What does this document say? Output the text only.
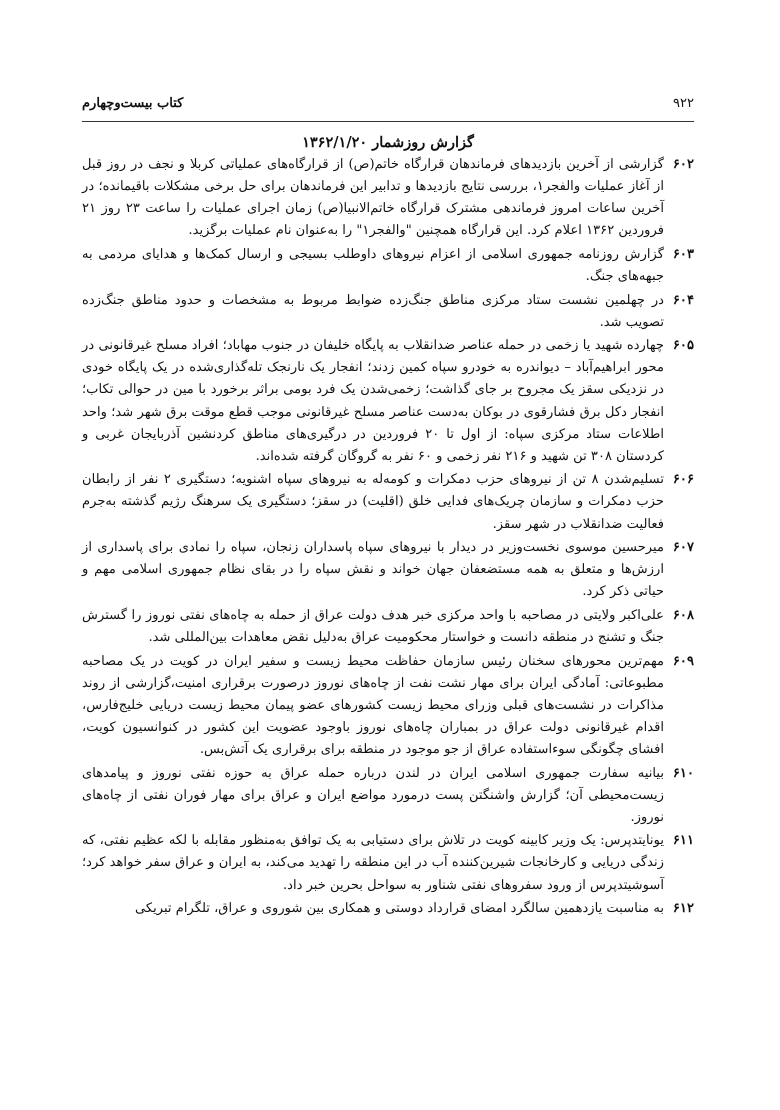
۹۲۲
کتاب بیست‌وچهارم
گزارش روزشمار ۱۳۶۲/۱/۲۰
۶۰۲
گزارشی از آخرین بازدیدهای فرماندهان قرارگاه خاتم(ص) از قرارگاه‌های عملیاتی کربلا و نجف در روز قبل از آغاز عملیات والفجر۱، بررسی نتایج بازدیدها و تدابیر این فرماندهان برای حل برخی مشکلات باقیمانده؛ در آخرین ساعات امروز فرماندهی مشترک قرارگاه خاتم‌الانبیا(ص) زمان اجرای عملیات را ساعت ۲۳ روز ۲۱ فروردین ۱۳۶۲ اعلام کرد. این قرارگاه همچنین "والفجر۱" را به‌عنوان نام عملیات برگزید.
۶۰۳
گزارش روزنامه جمهوری اسلامی از اعزام نیروهای داوطلب بسیجی و ارسال کمک‌ها و هدایای مردمی به جبهه‌های جنگ.
۶۰۴
در چهلمین نشست ستاد مرکزی مناطق جنگ‌زده ضوابط مربوط به مشخصات و حدود مناطق جنگ‌زده تصویب شد.
۶۰۵
چهارده شهید یا زخمی در حمله عناصر ضدانقلاب به پایگاه خلیفان در جنوب مهاباد؛ افراد مسلح غیرقانونی در محور ابراهیم‌آباد – دیواندره به خودرو سپاه کمین زدند؛ انفجار یک نارنجک تله‌گذاری‌شده در یک پایگاه خودی در نزدیکی سقز یک مجروح بر جای گذاشت؛ زخمی‌شدن یک فرد بومی براثر برخورد با مین در حوالی تکاب؛ انفجار دکل برق فشارقوی در بوکان به‌دست عناصر مسلح غیرقانونی موجب قطع موقت برق شهر شد؛ واحد اطلاعات ستاد مرکزی سپاه: از اول تا ۲۰ فروردین در درگیری‌های مناطق کردنشین آذربایجان غربی و کردستان ۳۰۸ تن شهید و ۲۱۶ نفر زخمی و ۶۰ نفر به گروگان گرفته شده‌اند.
۶۰۶
تسلیم‌شدن ۸ تن از نیروهای حزب دمکرات و کومه‌له به نیروهای سپاه اشنویه؛ دستگیری ۲ نفر از رابطان حزب دمکرات و سازمان چریک‌های فدایی خلق (اقلیت) در سقز؛ دستگیری یک سرهنگ رژیم گذشته به‌جرم فعالیت ضدانقلاب در شهر سقز.
۶۰۷
میرحسین موسوی نخست‌وزیر در دیدار با نیروهای سپاه پاسداران زنجان، سپاه را نمادی برای پاسداری از ارزش‌ها و متعلق به همه مستضعفان جهان خواند و نقش سپاه را در بقای نظام جمهوری اسلامی مهم و حیاتی ذکر کرد.
۶۰۸
علی‌اکبر ولایتی در مصاحبه با واحد مرکزی خبر هدف دولت عراق از حمله به چاه‌های نفتی نوروز را گسترش جنگ و تشنج در منطقه دانست و خواستار محکومیت عراق به‌دلیل نقض معاهدات بین‌المللی شد.
۶۰۹
مهم‌ترین محورهای سخنان رئیس سازمان حفاظت محیط زیست و سفیر ایران در کویت در یک مصاحبه مطبوعاتی: آمادگی ایران برای مهار نشت نفت از چاه‌های نوروز درصورت برقراری امنیت،گزارشی از روند مذاکرات در نشست‌های قبلی وزرای محیط زیست کشورهای عضو پیمان محیط زیست دریایی خلیج‌فارس، اقدام غیرقانونی دولت عراق در بمباران چاه‌های نوروز باوجود عضویت این کشور در کنوانسیون کویت، افشای چگونگی سوءاستفاده عراق از جو موجود در منطقه برای برقراری یک آتش‌بس.
۶۱۰
بیانیه سفارت جمهوری اسلامی ایران در لندن درباره حمله عراق به حوزه نفتی نوروز و پیامدهای زیست‌محیطی آن؛ گزارش واشنگتن پست درمورد مواضع ایران و عراق برای مهار فوران نفتی از چاه‌های نوروز.
۶۱۱
یونایتدپرس: یک وزیر کابینه کویت در تلاش برای دستیابی به یک توافق به‌منظور مقابله با لکه عظیم نفتی، که زندگی دریایی و کارخانجات شیرین‌کننده آب در این منطقه را تهدید می‌کند، به ایران و عراق سفر خواهد کرد؛ آسوشیتدپرس از ورود سفروهای نفتی شناور به سواحل بحرین خبر داد.
۶۱۲
به مناسبت یازدهمین سالگرد امضای قرارداد دوستی و همکاری بین شوروی و عراق، تلگرام تبریکی
